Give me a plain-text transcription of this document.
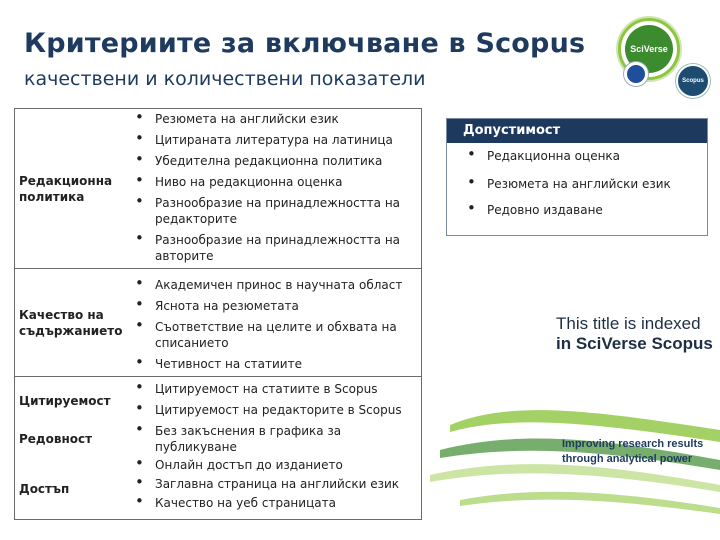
Критериите за включване в Scopus
качествени и количествени показатели
SciVerse
Scopus
Редакционна политика
• Резюмета на английски език
• Цитираната литература на латиница
• Убедителна редакционна политика
• Ниво на редакционна оценка
• Разнообразие на принадлежността на редакторите
• Разнообразие на принадлежността на авторите
Качество на съдържанието
• Академичен принос в научната област
• Яснота на резюметата
• Съответствие на целите и обхвата на списанието
• Четивност на статиите
Цитируемост
Редовност
Достъп
• Цитируемост на статиите в Scopus
• Цитируемост на редакторите в Scopus
• Без закъснения в графика за публикуване
• Онлайн достъп до изданието
• Заглавна страница на английски език
• Качество на уеб страницата
Допустимост
• Редакционна оценка
• Резюмета на английски език
• Редовно издаване
This title is indexed
in SciVerse Scopus
Improving research results
through analytical power
